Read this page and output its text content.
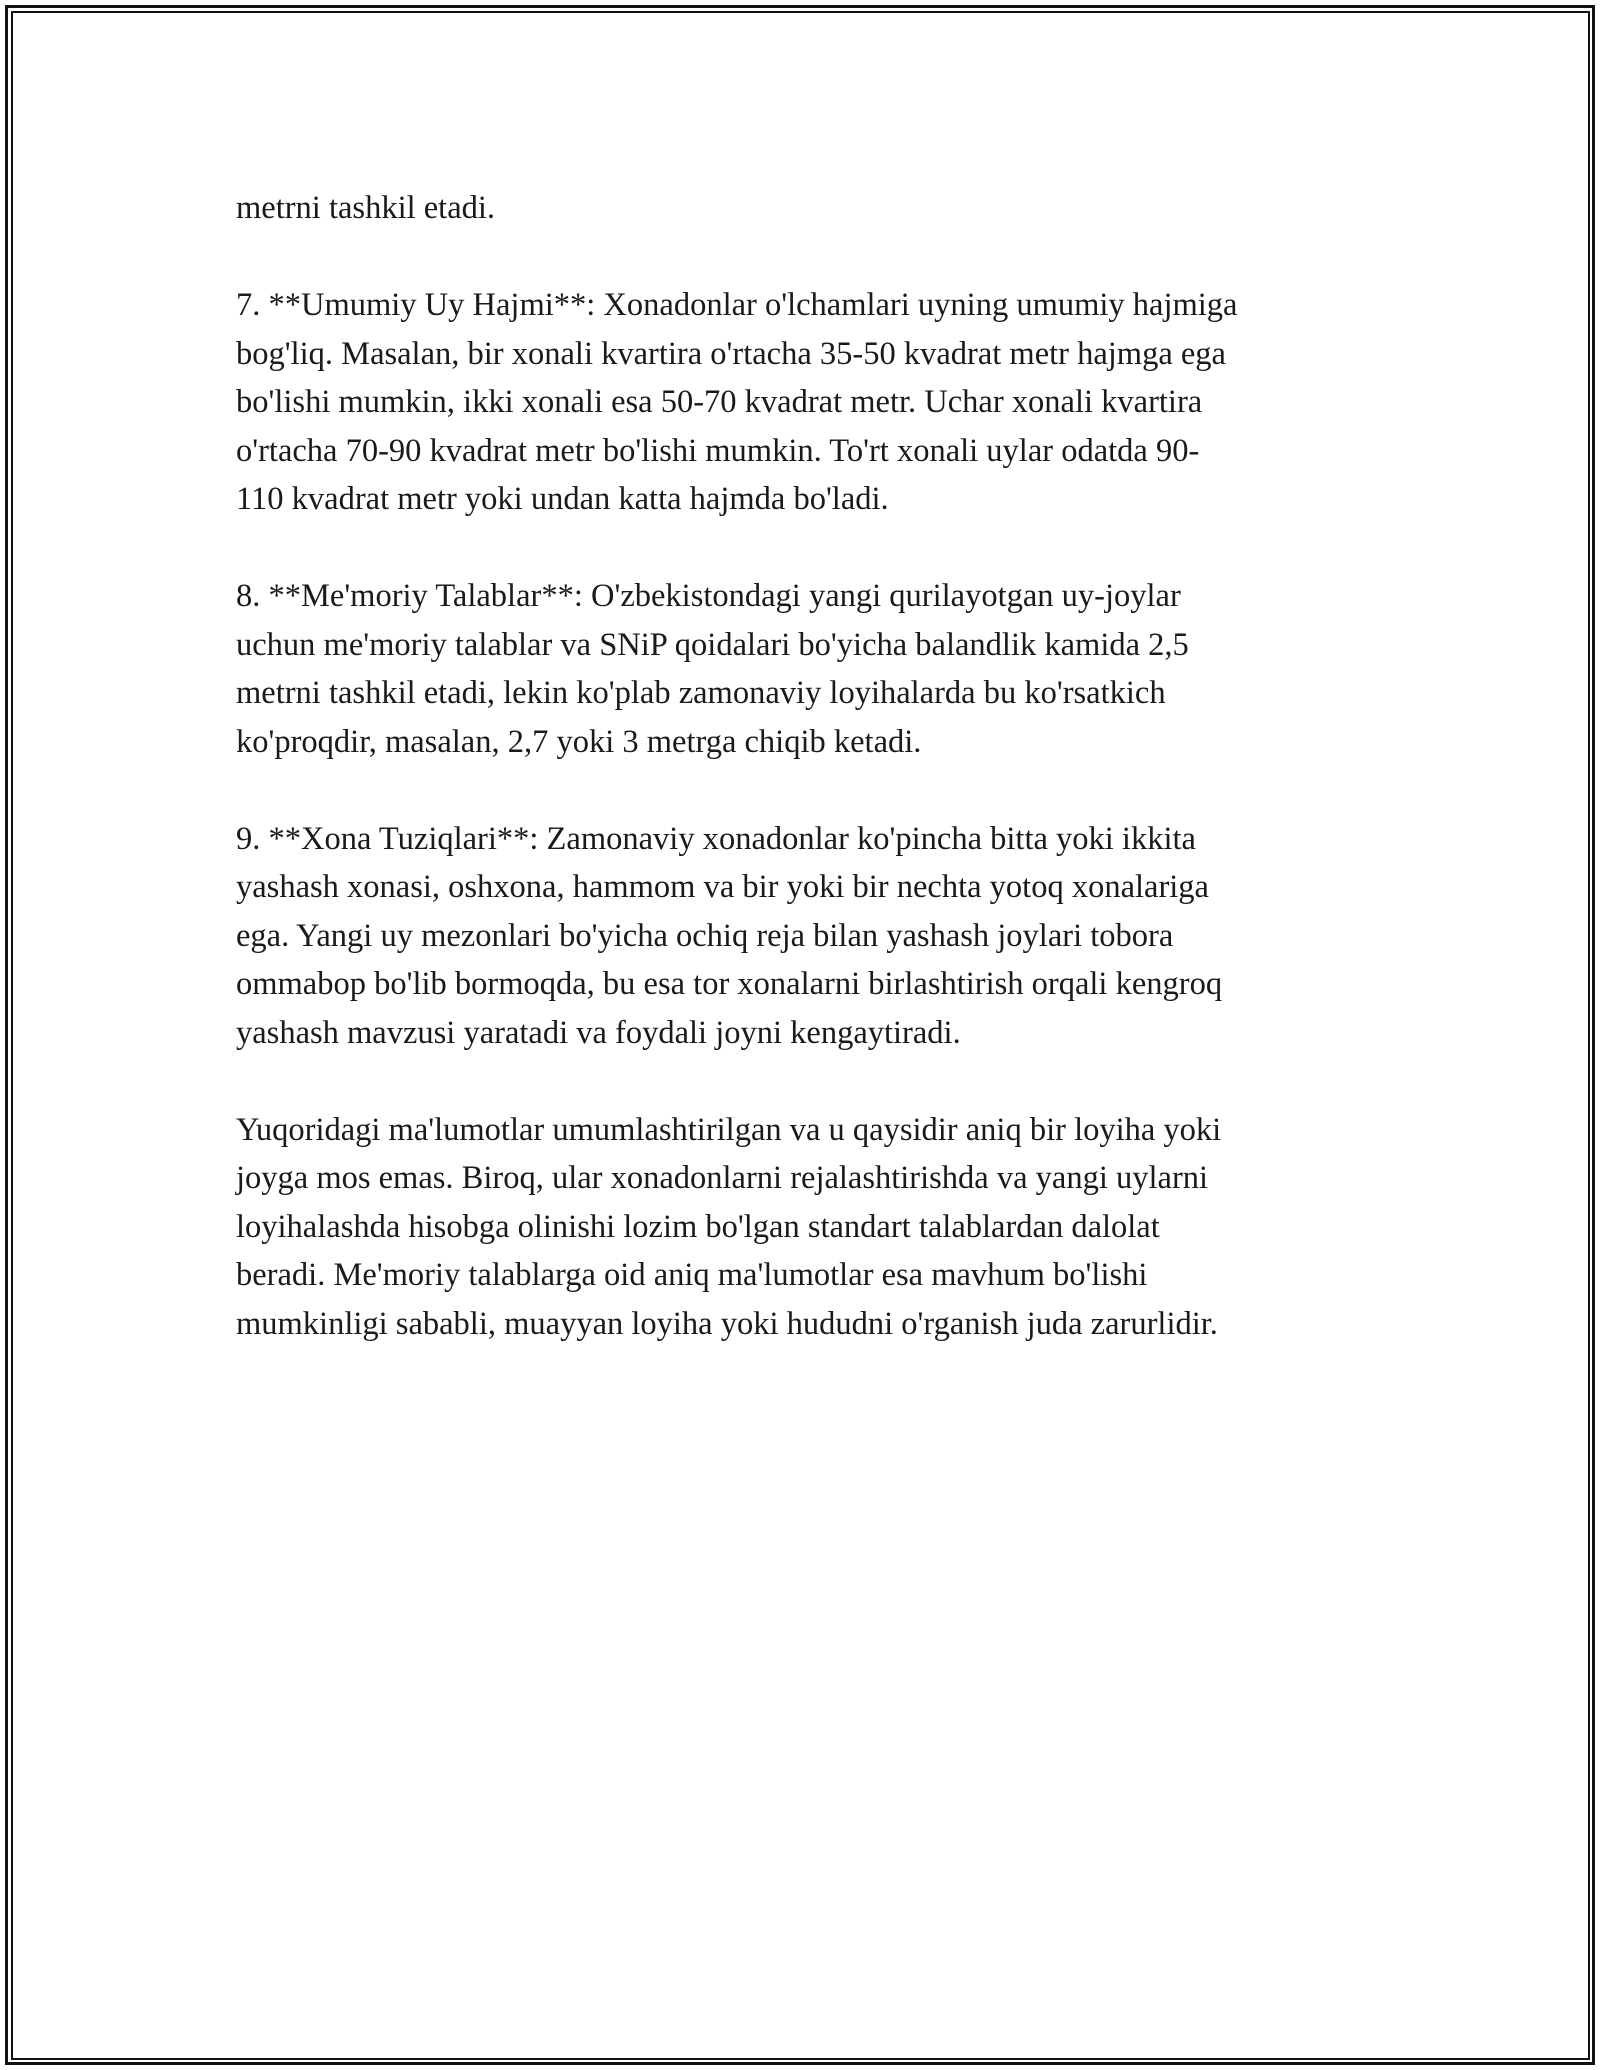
metrni tashkil etadi.

7. **Umumiy Uy Hajmi**: Xonadonlar o'lchamlari uyning umumiy hajmiga
bog'liq. Masalan, bir xonali kvartira o'rtacha 35-50 kvadrat metr hajmga ega
bo'lishi mumkin, ikki xonali esa 50-70 kvadrat metr. Uchar xonali kvartira
o'rtacha 70-90 kvadrat metr bo'lishi mumkin. To'rt xonali uylar odatda 90-
110 kvadrat metr yoki undan katta hajmda bo'ladi.

8. **Me'moriy Talablar**: O'zbekistondagi yangi qurilayotgan uy-joylar
uchun me'moriy talablar va SNiP qoidalari bo'yicha balandlik kamida 2,5
metrni tashkil etadi, lekin ko'plab zamonaviy loyihalarda bu ko'rsatkich
ko'proqdir, masalan, 2,7 yoki 3 metrga chiqib ketadi.

9. **Xona Tuziqlari**: Zamonaviy xonadonlar ko'pincha bitta yoki ikkita
yashash xonasi, oshxona, hammom va bir yoki bir nechta yotoq xonalariga
ega. Yangi uy mezonlari bo'yicha ochiq reja bilan yashash joylari tobora
ommabop bo'lib bormoqda, bu esa tor xonalarni birlashtirish orqali kengroq
yashash mavzusi yaratadi va foydali joyni kengaytiradi.

Yuqoridagi ma'lumotlar umumlashtirilgan va u qaysidir aniq bir loyiha yoki
joyga mos emas. Biroq, ular xonadonlarni rejalashtirishda va yangi uylarni
loyihalashda hisobga olinishi lozim bo'lgan standart talablardan dalolat
beradi. Me'moriy talablarga oid aniq ma'lumotlar esa mavhum bo'lishi
mumkinligi sababli, muayyan loyiha yoki hududni o'rganish juda zarurlidir.
